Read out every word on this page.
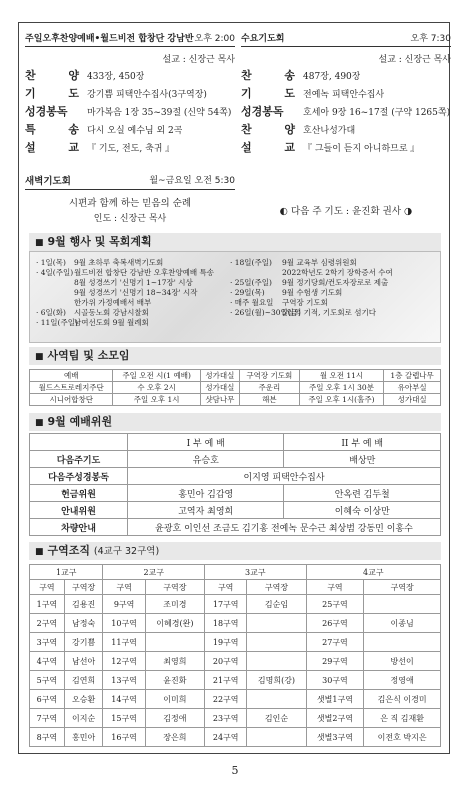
주일오후찬양예배•월드비전 합창단 강남반 오후 2:00
설교 : 신장근 목사
찬	양 433장, 450장
기	도 강기쁨 피택안수집사(3구역장)
성경봉독 마가복음 1장 35~39절 (신약 54쪽)
특	송 다시 오실 예수님 외 2곡
설	교 『 기도, 전도, 축귀 』
수요기도회	오후 7:30
설교 : 신장근 목사
찬	송 487장, 490장
기	도 전예녹 피택안수집사
성경봉독 호세아 9장 16~17절 (구약 1265쪽)
찬	양 호산나성가대
설	교 『 그들이 듣지 아니하므로 』
새벽기도회	월~금요일 오전 5:30
시편과 함께 하는 믿음의 순례
인도 : 신장근 목사
◐ 다음 주 기도 : 윤진화 권사 ◑
■ 9월 행사 및 목회계획
· 1일(목)	9월 초하루 축복새벽기도회
· 4일(주일) 월드비전 합창단 강남반 오후찬양예배 특송
8월 성경쓰기 '신명기 1~17장' 시상
9월 성경쓰기 '신명기 18~34장' 시작
한가위 가정예배서 배부
· 6일(화)	시골동노회 강남시찰회
· 11일(주일)
남여선도회 9월 월례회
· 18일(주일)	9월 교육부 심령위원회
2022학년도 2학기 장학증서 수여
· 25일(주일)	9월 정기당회/컨도자장로로 제출
· 29일(목)	9월 수험생 기도회
· 매주 월요일	구역장 기도회
· 26일(월)~30일(금)
5일의 기적, 기도회로 섬기다
■ 사역팀 및 소모임
예배	주일 오전 시(1 예배)	성가대실	구역장 기도회	월 오전 11시	1층 갈렙나무
월드스트로레지주단	수 오후 2시	성가대실	주운리	주일 오후 1시 30분	유아부실
시니어합창단	주일 오후 1시	샷담나무	해븐	주일 오후 1시(홀주)	성가대실
■ 9월 예배위원
	I 부 예 배	II 부 예 배
다음주기도	유승호	배상만
다음주성경봉독	이지영 피택안수집사	
헌금위원	홍민아 김갑영	안옥련 김두철
안내위원	고역자 최영희	이혜숙 이상만
차량안내	윤광호 이인선 조금도 김기홍 전예녹 문수근 최상범 강동민 이홍수	
■ 구역조직 (4교구 32구역)
1교구		2교구		3교구		4교구	
구역	구역장	구역	구역장	구역	구역장	구역	구역장
1구역	김용진	9구역	조미경	17구역	김순임	25구역	
2구역	남정숙	10구역	이혜경(완)	18구역		26구역	이종님
3구역	강기쁨	11구역		19구역		27구역	
4구역	남선아	12구역	최영희	20구역		29구역	방선이
5구역	김연희	13구역	윤진화	21구역	김명희(강)	30구역	정영애
6구역	오승환	14구역	이미희	22구역		샛별1구역	김은식 이경미
7구역	이지순	15구역	김정애	23구역	김인순	샛별2구역	은 직 김재환
8구역	홍민아	16구역	장은희	24구역		샛별3구역	이전호 박지은
5
